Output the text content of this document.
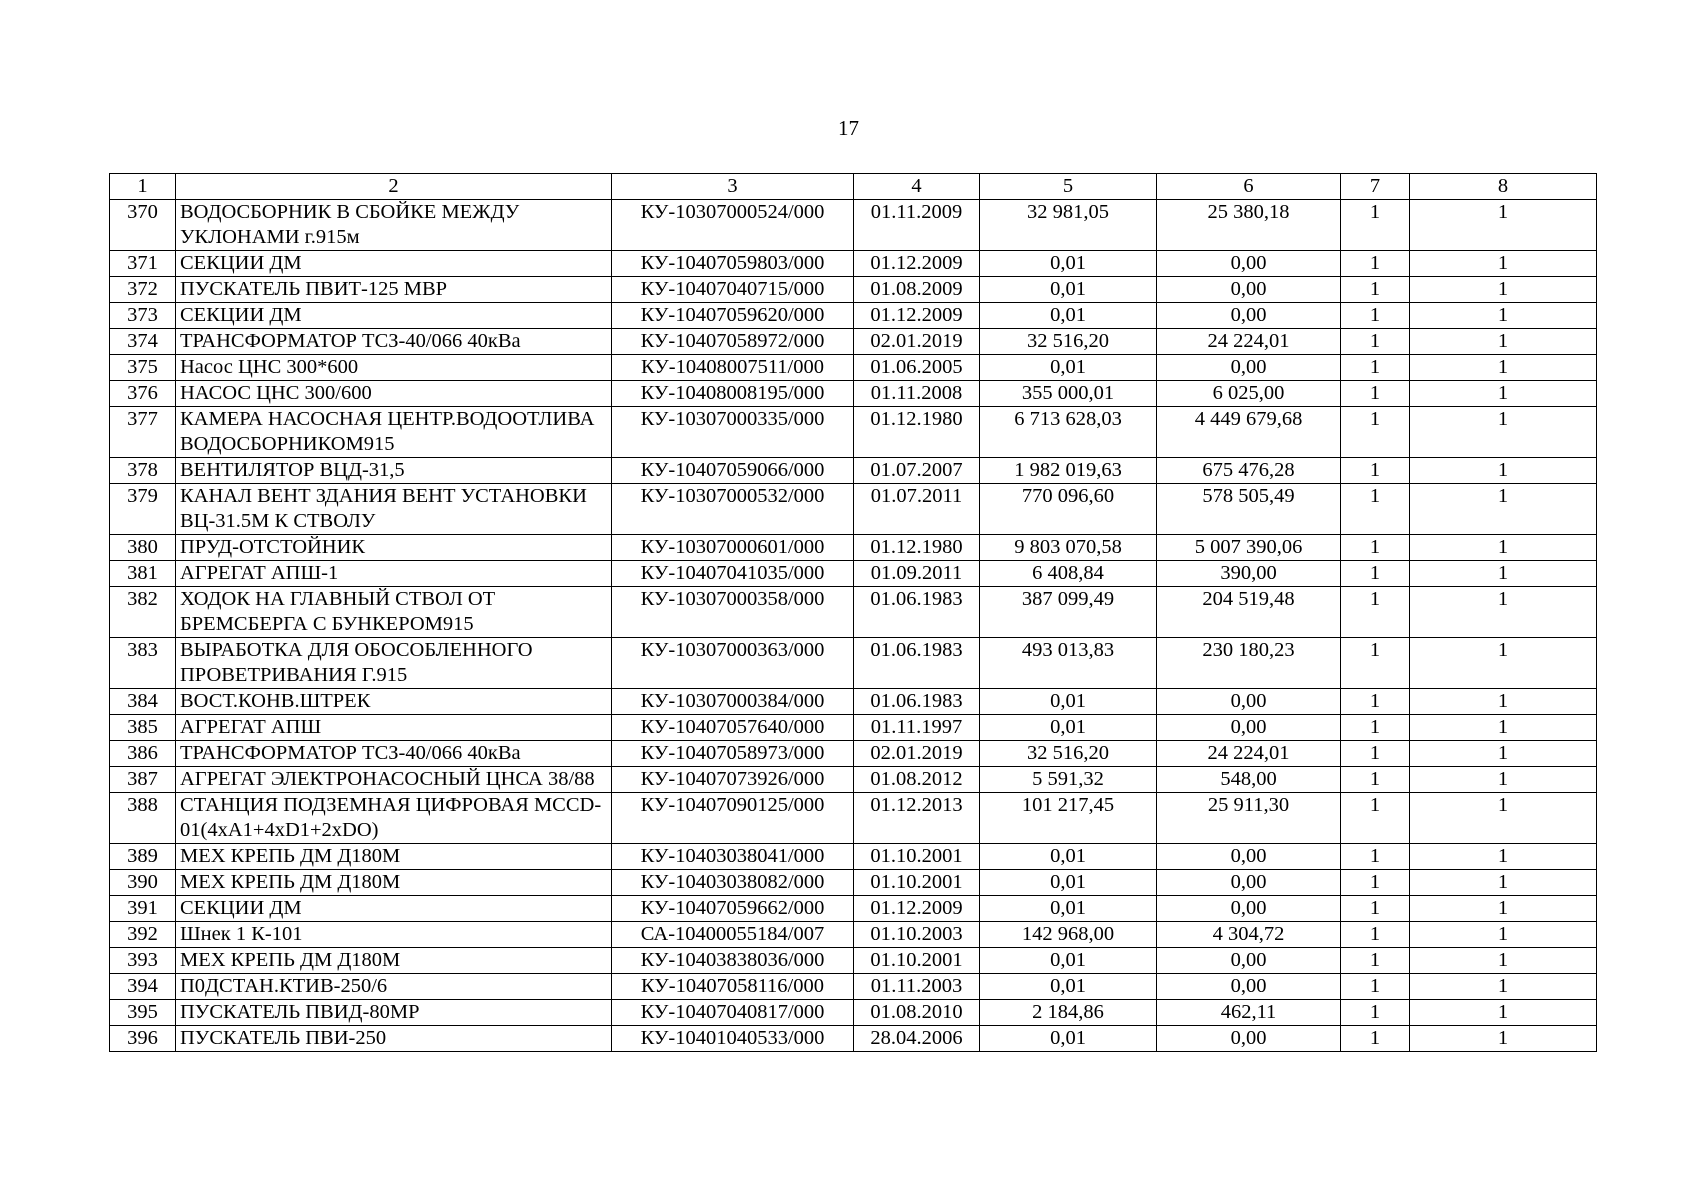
17
1	2	3	4	5	6	7	8
370	ВОДОСБОРНИК В СБОЙКЕ МЕЖДУ УКЛОНАМИ г.915м	КУ-10307000524/000	01.11.2009	32 981,05	25 380,18	1	1
371	СЕКЦИИ ДМ	КУ-10407059803/000	01.12.2009	0,01	0,00	1	1
372	ПУСКАТЕЛЬ ПВИТ-125 МВР	КУ-10407040715/000	01.08.2009	0,01	0,00	1	1
373	СЕКЦИИ ДМ	КУ-10407059620/000	01.12.2009	0,01	0,00	1	1
374	ТРАНСФОРМАТОР ТСЗ-40/066 40кВа	КУ-10407058972/000	02.01.2019	32 516,20	24 224,01	1	1
375	Насос ЦНС 300*600	КУ-10408007511/000	01.06.2005	0,01	0,00	1	1
376	НАСОС ЦНС 300/600	КУ-10408008195/000	01.11.2008	355 000,01	6 025,00	1	1
377	КАМЕРА НАСОСНАЯ ЦЕНТР.ВОДООТЛИВА ВОДОСБОРНИКОМ915	КУ-10307000335/000	01.12.1980	6 713 628,03	4 449 679,68	1	1
378	ВЕНТИЛЯТОР ВЦД-31,5	КУ-10407059066/000	01.07.2007	1 982 019,63	675 476,28	1	1
379	КАНАЛ ВЕНТ ЗДАНИЯ ВЕНТ УСТАНОВКИ ВЦ-31.5М К СТВОЛУ	КУ-10307000532/000	01.07.2011	770 096,60	578 505,49	1	1
380	ПРУД-ОТСТОЙНИК	КУ-10307000601/000	01.12.1980	9 803 070,58	5 007 390,06	1	1
381	АГРЕГАТ АПШ-1	КУ-10407041035/000	01.09.2011	6 408,84	390,00	1	1
382	ХОДОК НА ГЛАВНЫЙ СТВОЛ ОТ БРЕМСБЕРГА С БУНКЕРОМ915	КУ-10307000358/000	01.06.1983	387 099,49	204 519,48	1	1
383	ВЫРАБОТКА ДЛЯ ОБОСОБЛЕННОГО ПРОВЕТРИВАНИЯ Г.915	КУ-10307000363/000	01.06.1983	493 013,83	230 180,23	1	1
384	ВОСТ.КОНВ.ШТРЕК	КУ-10307000384/000	01.06.1983	0,01	0,00	1	1
385	АГРЕГАТ АПШ	КУ-10407057640/000	01.11.1997	0,01	0,00	1	1
386	ТРАНСФОРМАТОР ТСЗ-40/066 40кВа	КУ-10407058973/000	02.01.2019	32 516,20	24 224,01	1	1
387	АГРЕГАТ ЭЛЕКТРОНАСОСНЫЙ ЦНСА 38/88	КУ-10407073926/000	01.08.2012	5 591,32	548,00	1	1
388	СТАНЦИЯ ПОДЗЕМНАЯ ЦИФРОВАЯ MCCD-01(4xA1+4xD1+2xDO)	КУ-10407090125/000	01.12.2013	101 217,45	25 911,30	1	1
389	МЕХ КРЕПЬ ДМ Д180М	КУ-10403038041/000	01.10.2001	0,01	0,00	1	1
390	МЕХ КРЕПЬ ДМ Д180М	КУ-10403038082/000	01.10.2001	0,01	0,00	1	1
391	СЕКЦИИ ДМ	КУ-10407059662/000	01.12.2009	0,01	0,00	1	1
392	Шнек 1 К-101	СА-10400055184/007	01.10.2003	142 968,00	4 304,72	1	1
393	МЕХ КРЕПЬ ДМ Д180М	КУ-10403838036/000	01.10.2001	0,01	0,00	1	1
394	П0ДСТАН.КТИВ-250/6	КУ-10407058116/000	01.11.2003	0,01	0,00	1	1
395	ПУСКАТЕЛЬ ПВИД-80МР	КУ-10407040817/000	01.08.2010	2 184,86	462,11	1	1
396	ПУСКАТЕЛЬ ПВИ-250	КУ-10401040533/000	28.04.2006	0,01	0,00	1	1
